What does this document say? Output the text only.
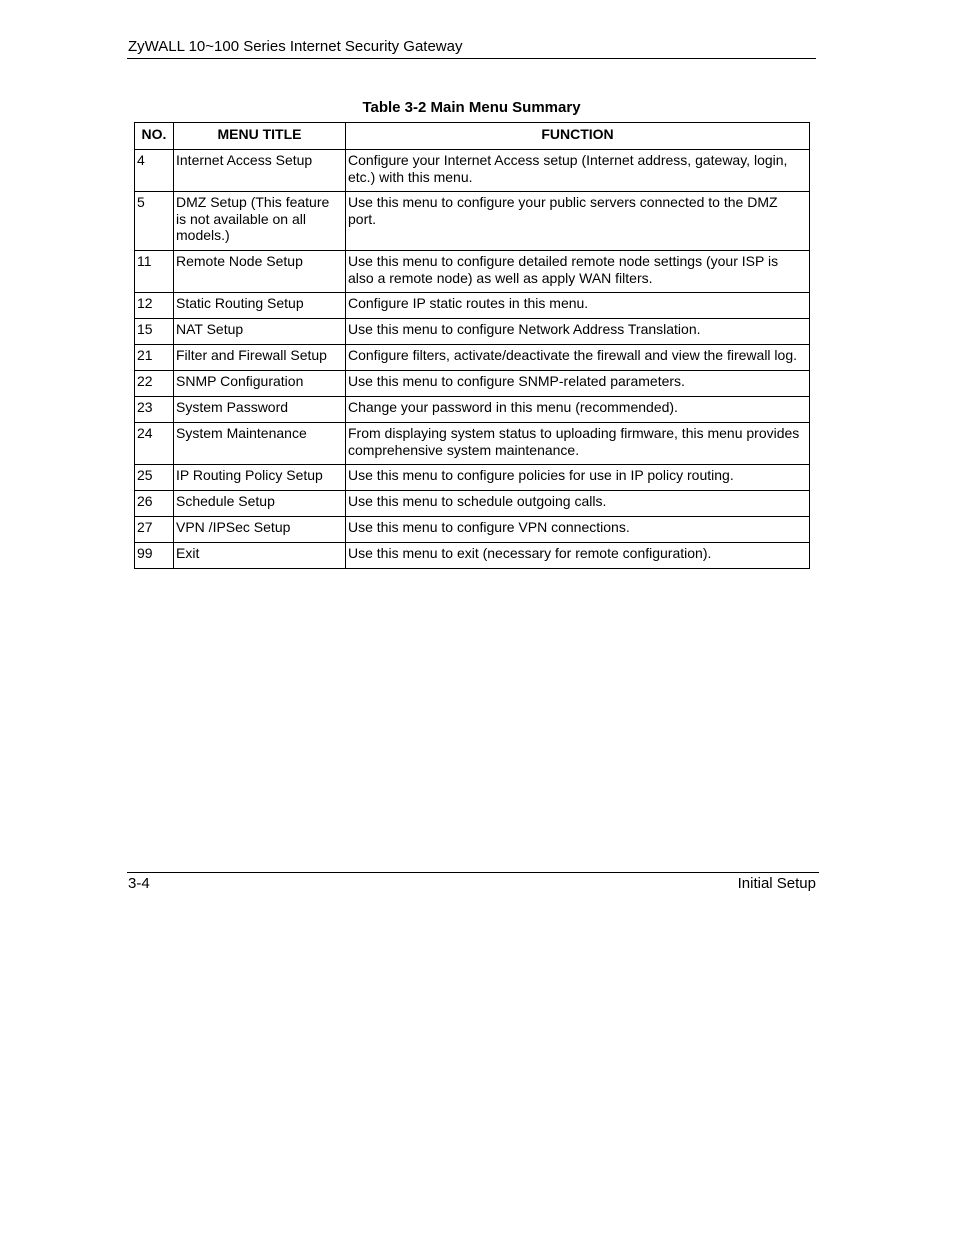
ZyWALL 10~100 Series Internet Security Gateway
Table 3-2 Main Menu Summary
NO.	MENU TITLE	FUNCTION
4	Internet Access Setup	Configure your Internet Access setup (Internet address, gateway, login, etc.) with this menu.
5	DMZ Setup (This feature is not available on all models.)	Use this menu to configure your public servers connected to the DMZ port.
11	Remote Node Setup	Use this menu to configure detailed remote node settings (your ISP is also a remote node) as well as apply WAN filters.
12	Static Routing Setup	Configure IP static routes in this menu.
15	NAT Setup	Use this menu to configure Network Address Translation.
21	Filter and Firewall Setup	Configure filters, activate/deactivate the firewall and view the firewall log.
22	SNMP Configuration	Use this menu to configure SNMP-related parameters.
23	System Password	Change your password in this menu (recommended).
24	System Maintenance	From displaying system status to uploading firmware, this menu provides comprehensive system maintenance.
25	IP Routing Policy Setup	Use this menu to configure policies for use in IP policy routing.
26	Schedule Setup	Use this menu to schedule outgoing calls.
27	VPN /IPSec Setup	Use this menu to configure VPN connections.
99	Exit	Use this menu to exit (necessary for remote configuration).
3-4	Initial Setup
